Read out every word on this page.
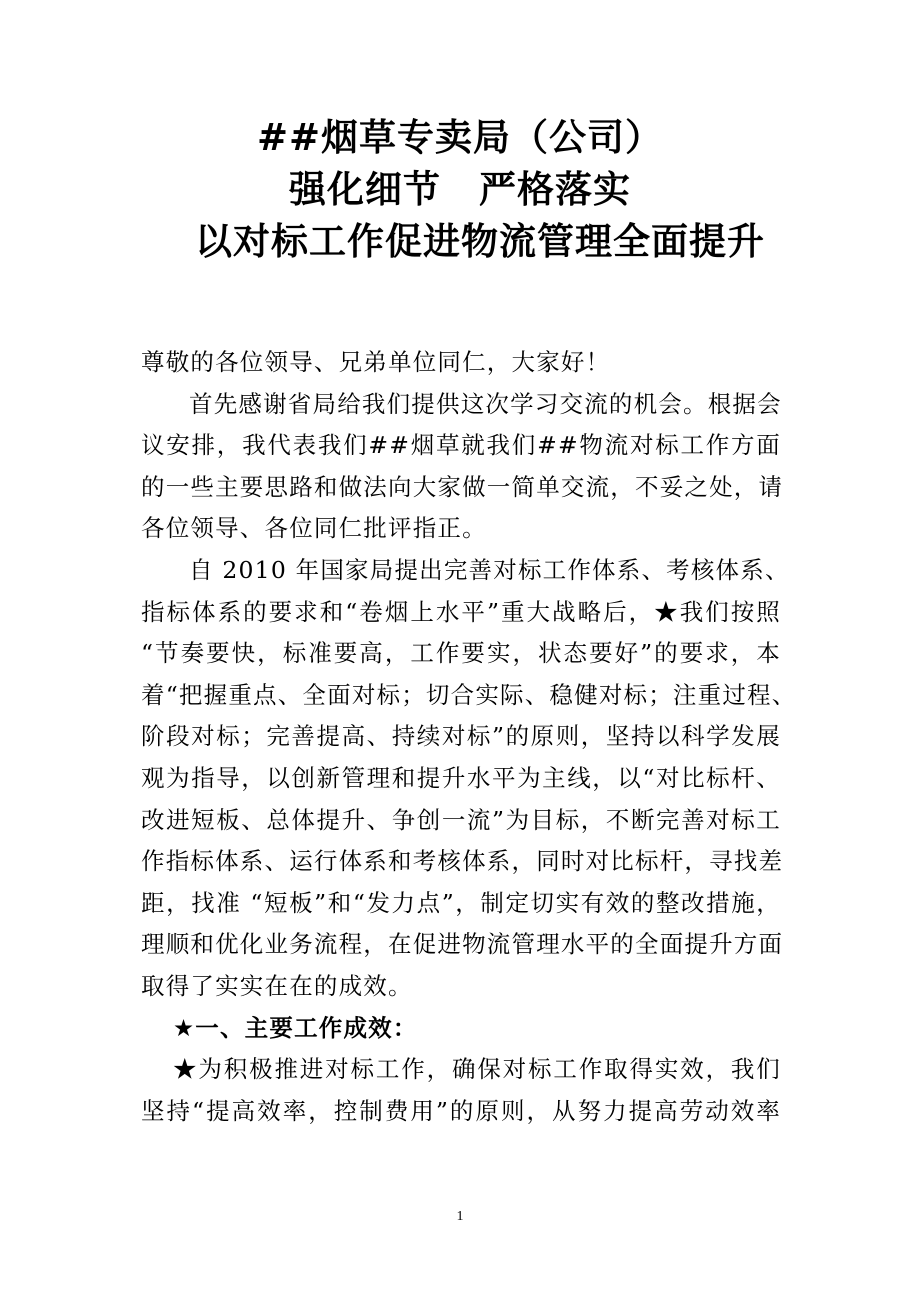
##烟草专卖局（公司）
强化细节　严格落实
以对标工作促进物流管理全面提升
尊敬的各位领导、兄弟单位同仁，大家好！
首先感谢省局给我们提供这次学习交流的机会。根据会
议安排，我代表我们##烟草就我们##物流对标工作方面
的一些主要思路和做法向大家做一简单交流，不妥之处，请
各位领导、各位同仁批评指正。
自 2010 年国家局提出完善对标工作体系、考核体系、
指标体系的要求和“卷烟上水平”重大战略后，★我们按照
“节奏要快，标准要高，工作要实，状态要好”的要求，本
着“把握重点、全面对标；切合实际、稳健对标；注重过程、
阶段对标；完善提高、持续对标”的原则，坚持以科学发展
观为指导，以创新管理和提升水平为主线，以“对比标杆、
改进短板、总体提升、争创一流”为目标，不断完善对标工
作指标体系、运行体系和考核体系，同时对比标杆，寻找差
距，找准 “短板”和“发力点”，制定切实有效的整改措施，
理顺和优化业务流程，在促进物流管理水平的全面提升方面
取得了实实在在的成效。
★一、主要工作成效：
★为积极推进对标工作，确保对标工作取得实效，我们
坚持“提高效率，控制费用”的原则，从努力提高劳动效率
1
